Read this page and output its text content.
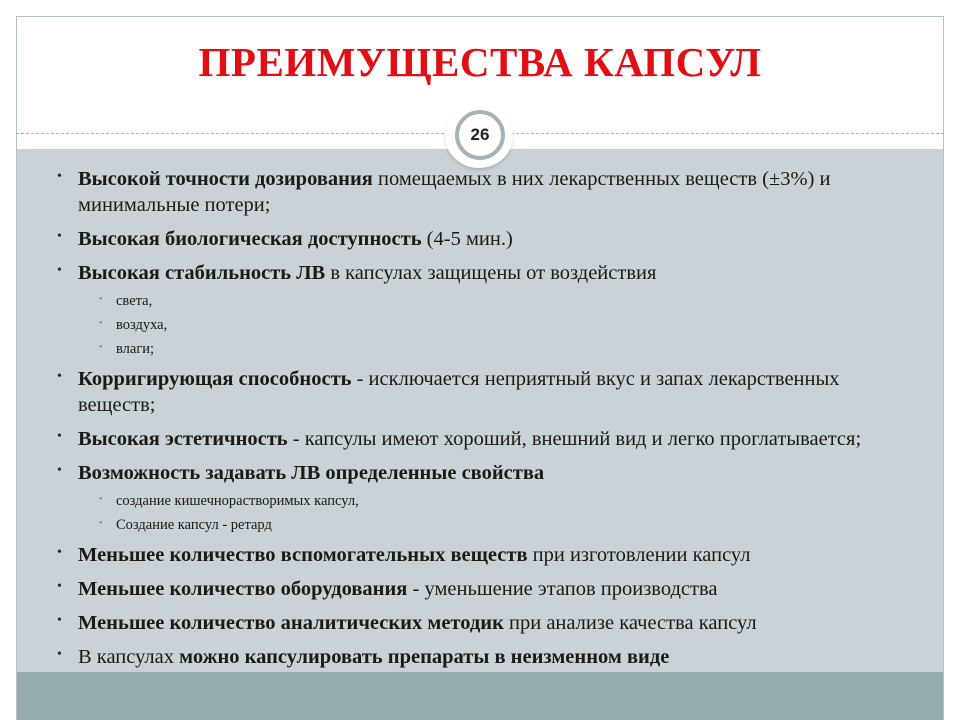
ПРЕИМУЩЕСТВА КАПСУЛ
26
• Высокой точности дозирования помещаемых в них лекарственных веществ (±3%) и минимальные потери;
• Высокая биологическая доступность (4-5 мин.)
• Высокая стабильность ЛВ в капсулах защищены от воздействия
• света,
• воздуха,
• влаги;
• Корригирующая способность - исключается неприятный вкус и запах лекарственных веществ;
• Высокая эстетичность - капсулы имеют хороший, внешний вид и легко проглатывается;
• Возможность задавать ЛВ определенные свойства
• создание кишечнорастворимых капсул,
• Создание капсул - ретард
• Меньшее количество вспомогательных веществ при изготовлении капсул
• Меньшее количество оборудования - уменьшение этапов производства
• Меньшее количество аналитических методик при анализе качества капсул
• В капсулах можно капсулировать препараты в неизменном виде
